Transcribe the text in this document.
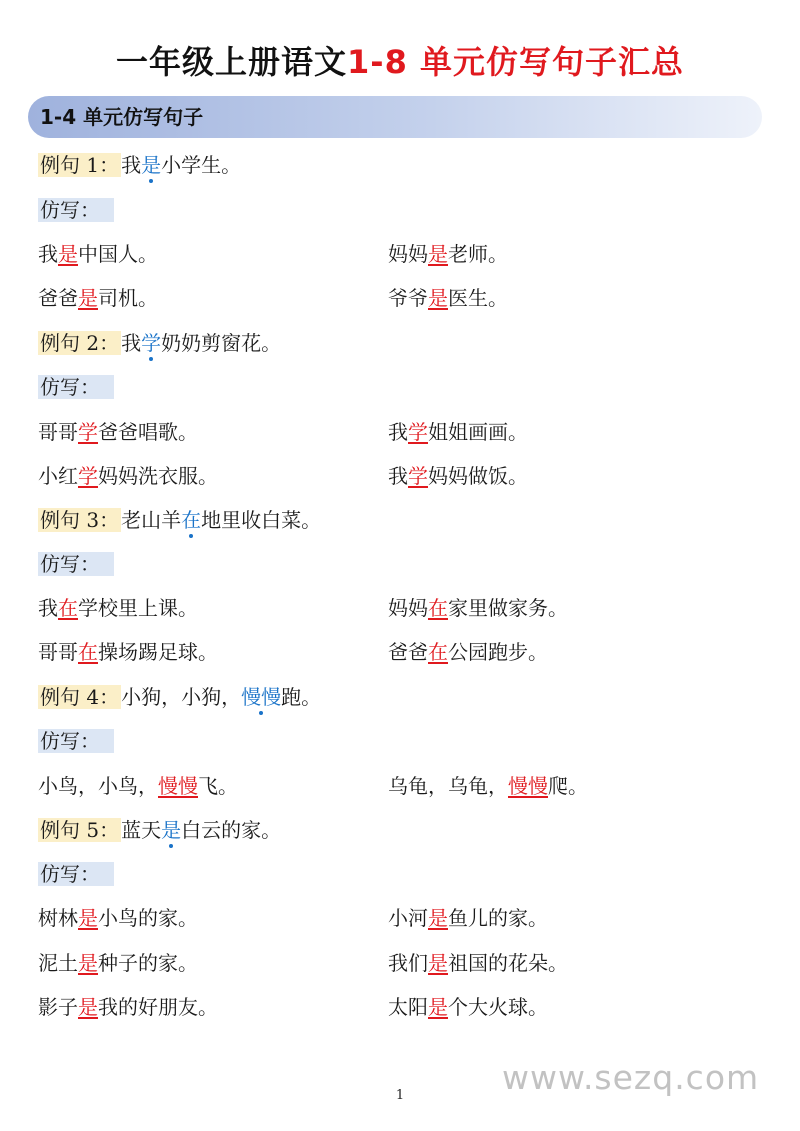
一年级上册语文1-8 单元仿写句子汇总
1-4 单元仿写句子
例句 1： 我是小学生。
仿写：
我是中国人。	妈妈是老师。
爸爸是司机。	爷爷是医生。
例句 2： 我学奶奶剪窗花。
仿写：
哥哥学爸爸唱歌。	我学姐姐画画。
小红学妈妈洗衣服。	我学妈妈做饭。
例句 3： 老山羊在地里收白菜。
仿写：
我在学校里上课。	妈妈在家里做家务。
哥哥在操场踢足球。	爸爸在公园跑步。
例句 4： 小狗，小狗，慢慢跑。
仿写：
小鸟，小鸟，慢慢飞。	乌龟，乌龟，慢慢爬。
例句 5： 蓝天是白云的家。
仿写：
树林是小鸟的家。	小河是鱼儿的家。
泥土是种子的家。	我们是祖国的花朵。
影子是我的好朋友。	太阳是个大火球。
www.sezq.com
1
